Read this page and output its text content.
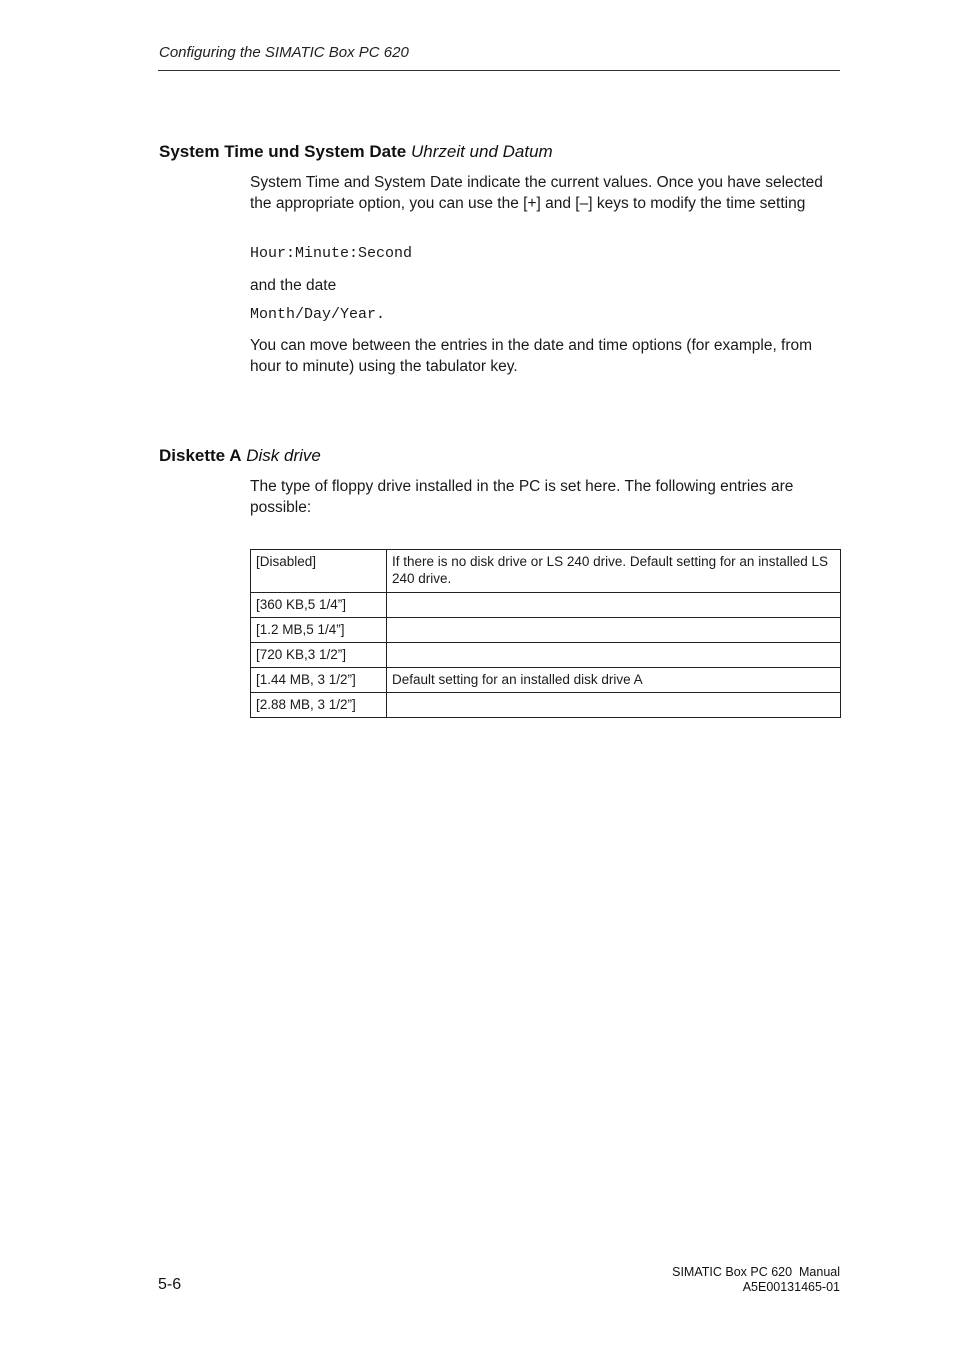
Configuring the SIMATIC Box PC 620
System Time und System Date Uhrzeit und Datum
System Time and System Date indicate the current values. Once you have selected the appropriate option, you can use the [+] and [–] keys to modify the time setting
Hour:Minute:Second
and the date
Month/Day/Year.
You can move between the entries in the date and time options (for example, from hour to minute) using the tabulator key.
Diskette A Disk drive
The type of floppy drive installed in the PC is set here. The following entries are possible:
[Disabled]	If there is no disk drive or LS 240 drive. Default setting for an installed LS 240 drive.
[360 KB,5 1/4”]	
[1.2 MB,5 1/4”]	
[720 KB,3 1/2”]	
[1.44 MB, 3 1/2”]	Default setting for an installed disk drive A
[2.88 MB, 3 1/2”]	
5-6
SIMATIC Box PC 620  Manual
A5E00131465-01
